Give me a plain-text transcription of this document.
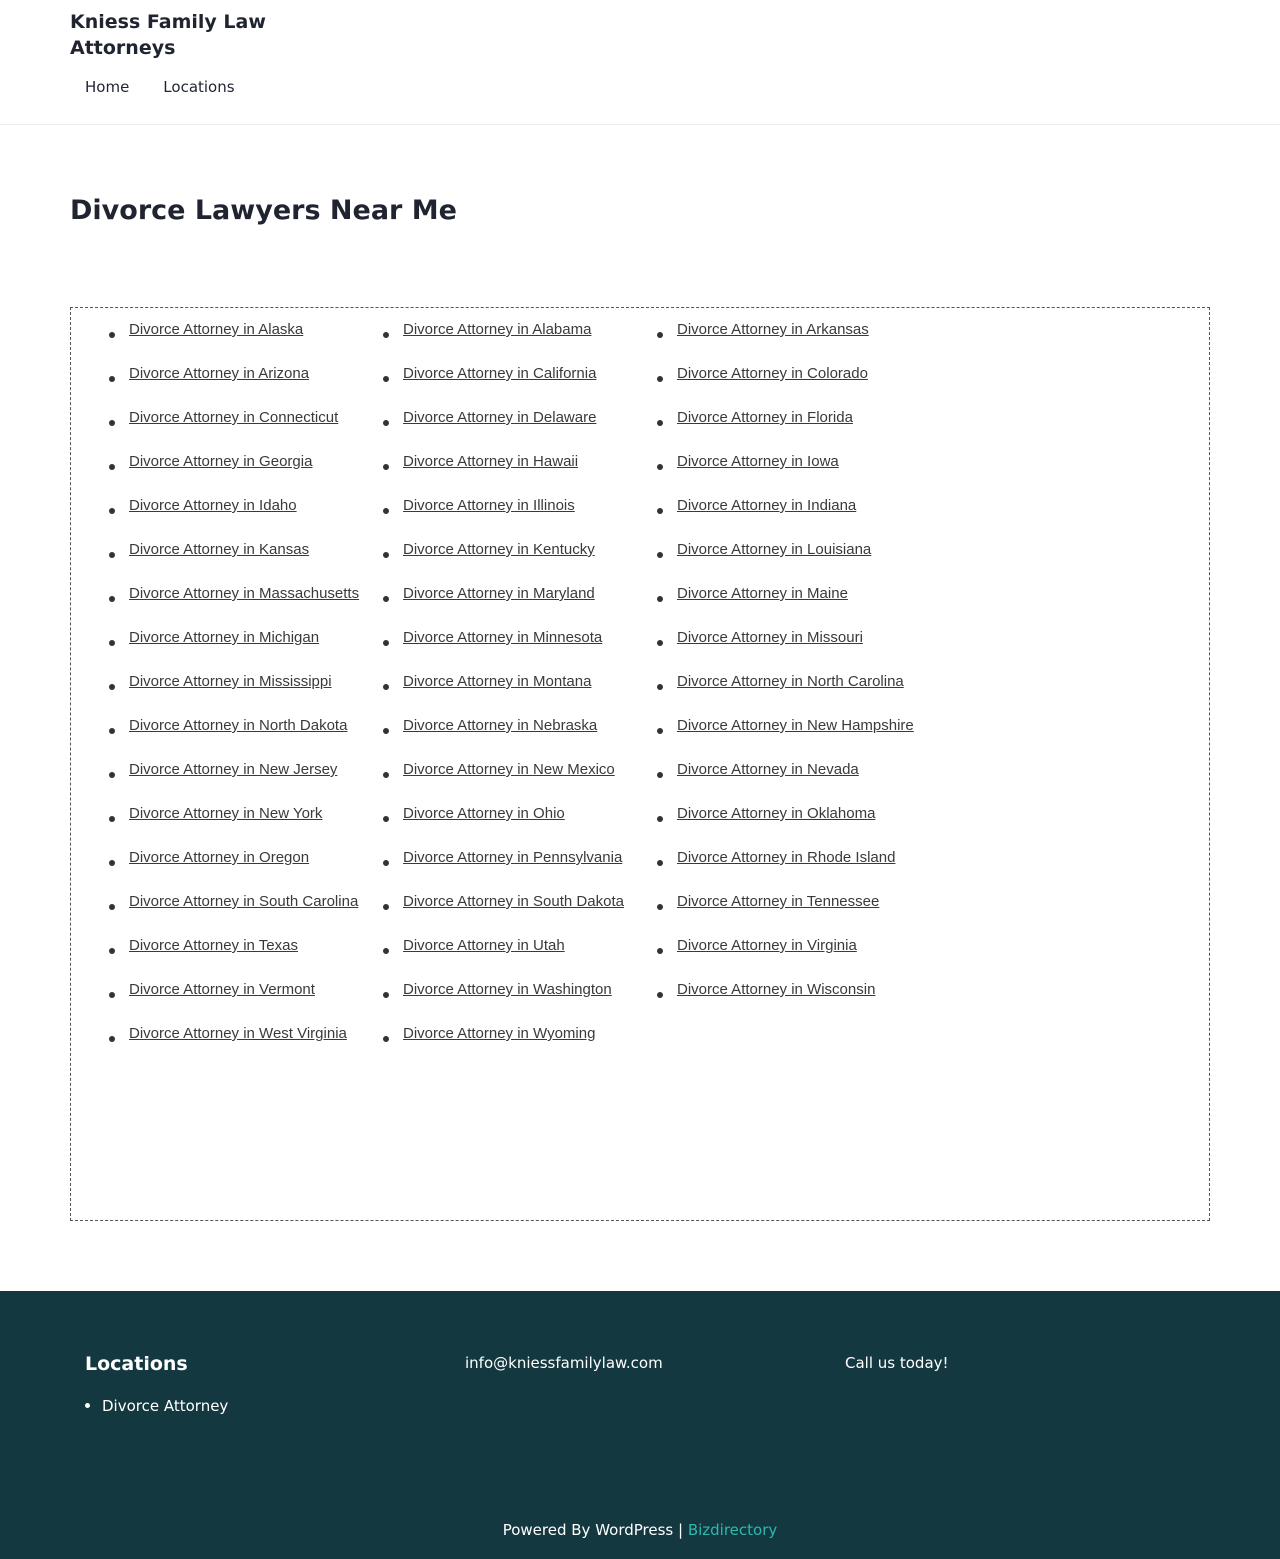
Kniess Family Law Attorneys
Home Locations
Divorce Lawyers Near Me
Divorce Attorney in Alaska	Divorce Attorney in Alabama	Divorce Attorney in Arkansas
Divorce Attorney in Arizona	Divorce Attorney in California	Divorce Attorney in Colorado
Divorce Attorney in Connecticut	Divorce Attorney in Delaware	Divorce Attorney in Florida
Divorce Attorney in Georgia	Divorce Attorney in Hawaii	Divorce Attorney in Iowa
Divorce Attorney in Idaho	Divorce Attorney in Illinois	Divorce Attorney in Indiana
Divorce Attorney in Kansas	Divorce Attorney in Kentucky	Divorce Attorney in Louisiana
Divorce Attorney in Massachusetts	Divorce Attorney in Maryland	Divorce Attorney in Maine
Divorce Attorney in Michigan	Divorce Attorney in Minnesota	Divorce Attorney in Missouri
Divorce Attorney in Mississippi	Divorce Attorney in Montana	Divorce Attorney in North Carolina
Divorce Attorney in North Dakota	Divorce Attorney in Nebraska	Divorce Attorney in New Hampshire
Divorce Attorney in New Jersey	Divorce Attorney in New Mexico	Divorce Attorney in Nevada
Divorce Attorney in New York	Divorce Attorney in Ohio	Divorce Attorney in Oklahoma
Divorce Attorney in Oregon	Divorce Attorney in Pennsylvania	Divorce Attorney in Rhode Island
Divorce Attorney in South Carolina	Divorce Attorney in South Dakota	Divorce Attorney in Tennessee
Divorce Attorney in Texas	Divorce Attorney in Utah	Divorce Attorney in Virginia
Divorce Attorney in Vermont	Divorce Attorney in Washington	Divorce Attorney in Wisconsin
Divorce Attorney in West Virginia	Divorce Attorney in Wyoming
Locations
Divorce Attorney
info@kniessfamilylaw.com	Call us today!
Powered By WordPress | Bizdirectory
